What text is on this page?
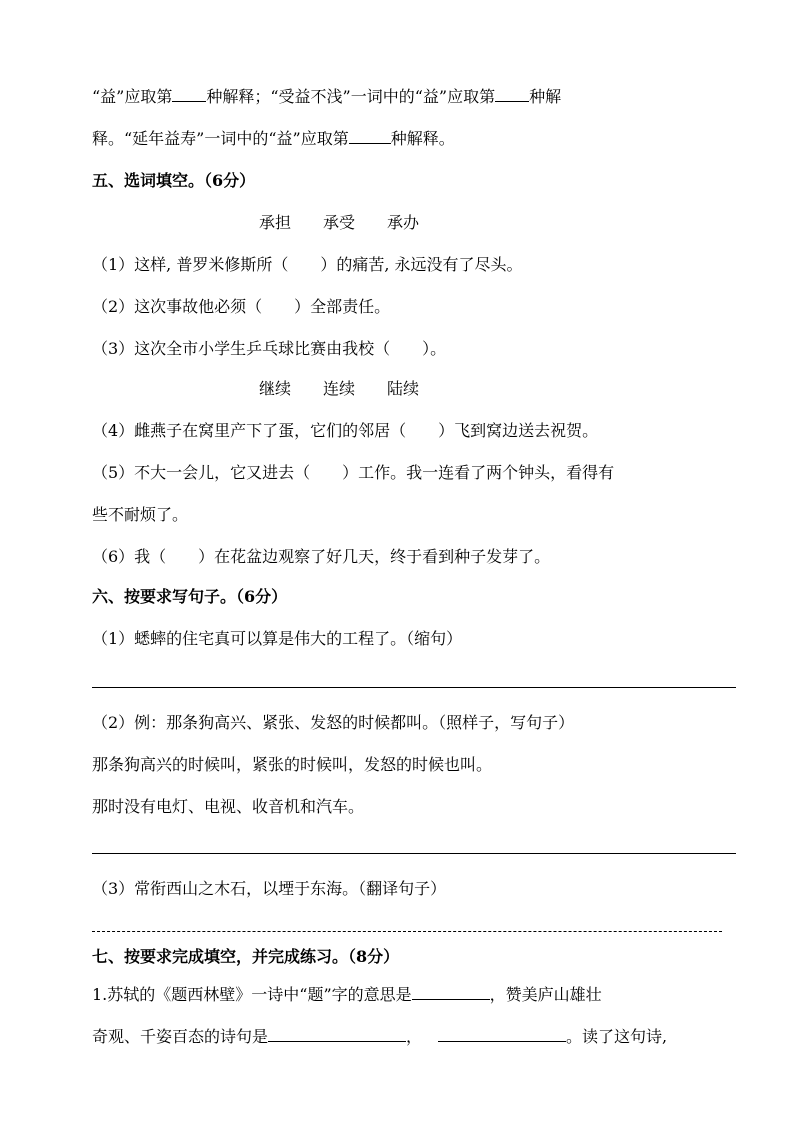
“益”应取第 种解释；“受益不浅”一词中的“益”应取第 种解
释。“延年益寿”一词中的“益”应取第	种解释。
五、选词填空。（6分）
承担 承受 承办
（1）这样, 普罗米修斯所（　　）的痛苦, 永远没有了尽头。
（2）这次事故他必须（　　）全部责任。
（3）这次全市小学生乒乓球比赛由我校（　　）。
继续 连续 陆续
（4）雌燕子在窝里产下了蛋，它们的邻居（　　）飞到窝边送去祝贺。
（5）不大一会儿，它又进去（　　）工作。我一连看了两个钟头，看得有
些不耐烦了。
（6）我（　　）在花盆边观察了好几天，终于看到种子发芽了。
六、按要求写句子。（6分）
（1）蟋蟀的住宅真可以算是伟大的工程了。（缩句）
（2）例：那条狗高兴、紧张、发怒的时候都叫。（照样子，写句子）
那条狗高兴的时候叫，紧张的时候叫，发怒的时候也叫。
那时没有电灯、电视、收音机和汽车。
（3）常衔西山之木石，以堙于东海。（翻译句子）
七、按要求完成填空，并完成练习。（8分）
1.苏轼的《题西林壁》一诗中“题”字的意思是	，赞美庐山雄壮
奇观、千姿百态的诗句是	，	。读了这句诗,
